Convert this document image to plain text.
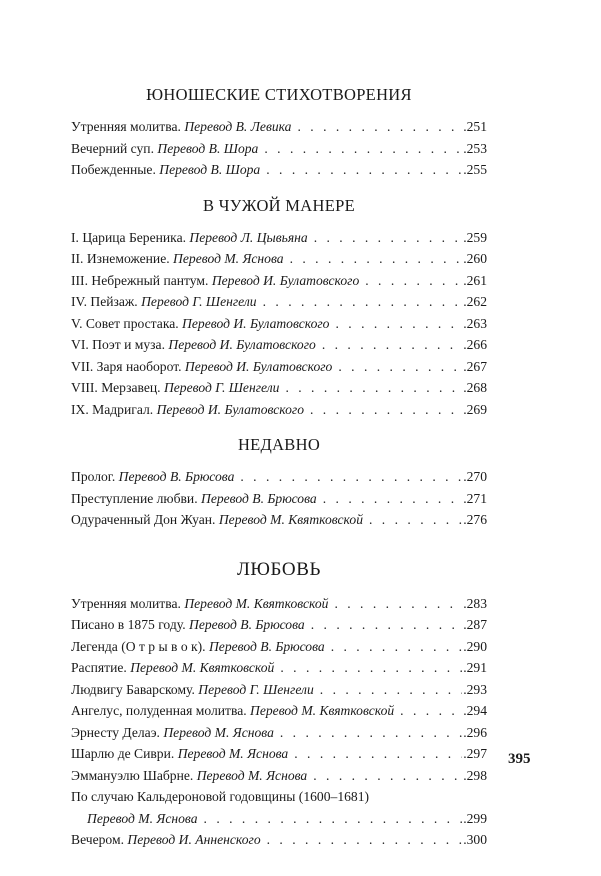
ЮНОШЕСКИЕ СТИХОТВОРЕНИЯ
Утренняя молитва. Перевод В. Левика . . .	.251
Вечерний суп. Перевод В. Шора . . .	.253
Побежденные. Перевод В. Шора . . .	.255
В ЧУЖОЙ МАНЕРЕ
I. Царица Береника. Перевод Л. Цывьяна . . .	.259
II. Изнеможение. Перевод М. Яснова . . .	.260
III. Небрежный пантум. Перевод И. Булатовского . . .	.261
IV. Пейзаж. Перевод Г. Шенгели . . .	.262
V. Совет простака. Перевод И. Булатовского . . .	.263
VI. Поэт и муза. Перевод И. Булатовского . . .	.266
VII. Заря наоборот. Перевод И. Булатовского . . .	.267
VIII. Мерзавец. Перевод Г. Шенгели . . .	.268
IX. Мадригал. Перевод И. Булатовского . . .	.269
НЕДАВНО
Пролог. Перевод В. Брюсова . . .	.270
Преступление любви. Перевод В. Брюсова . . .	.271
Одураченный Дон Жуан. Перевод М. Квятковской . . .	.276
ЛЮБОВЬ
Утренняя молитва. Перевод М. Квятковской . . .	.283
Писано в 1875 году. Перевод В. Брюсова . . .	.287
Легенда (О т р ы в о к). Перевод В. Брюсова . . .	.290
Распятие. Перевод М. Квятковской . . .	.291
Людвигу Баварскому. Перевод Г. Шенгели . . .	.293
Ангелус, полуденная молитва. Перевод М. Квятковской . . .	.294
Эрнесту Делаэ. Перевод М. Яснова . . .	.296
Шарлю де Сиври. Перевод М. Яснова . . .	.297
Эммануэлю Шабрне. Перевод М. Яснова . . .	.298
По случаю Кальдероновой годовщины (1600–1681)
Перевод М. Яснова . . .	.299
Вечером. Перевод И. Анненского . . .	.300
395
